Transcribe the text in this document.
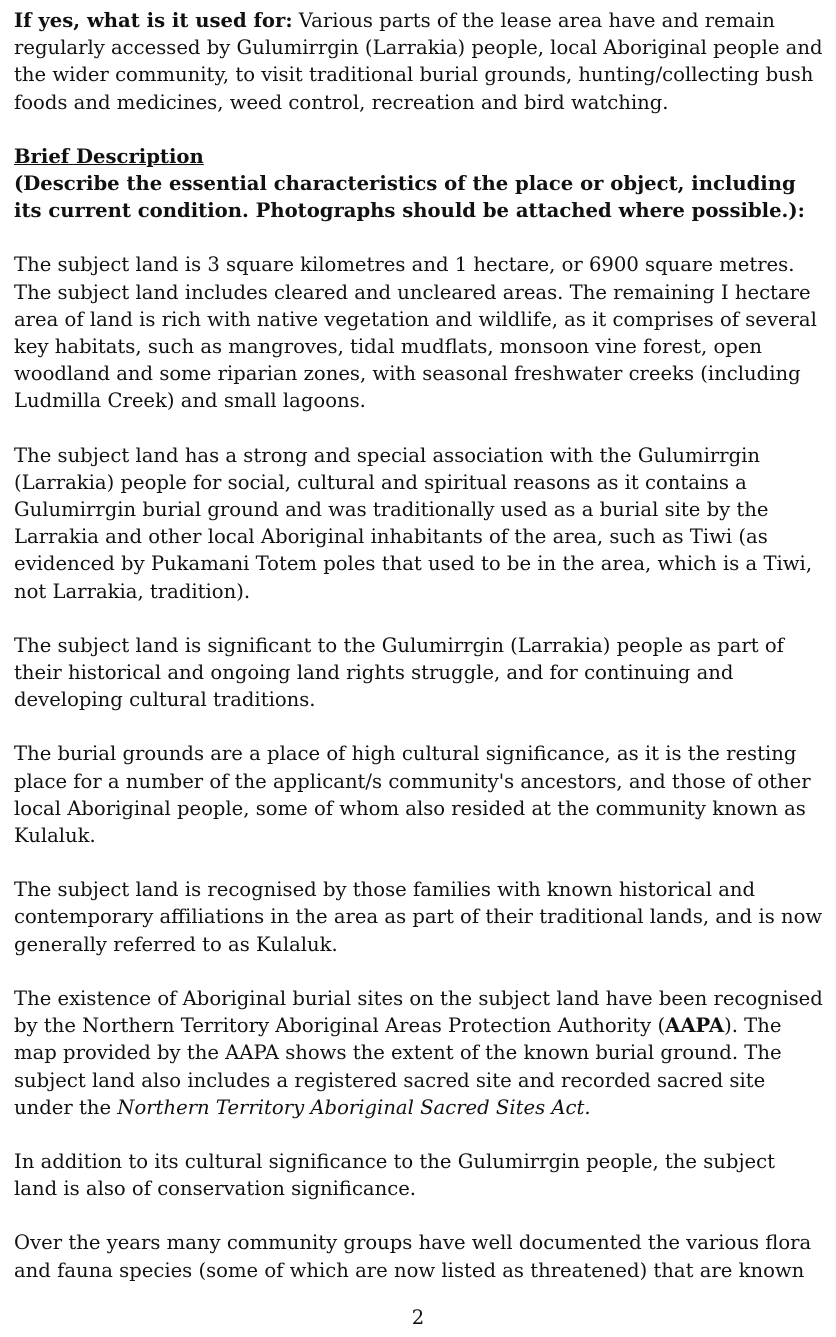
If yes, what is it used for: Various parts of the lease area have and remain regularly accessed by Gulumirrgin (Larrakia) people, local Aboriginal people and the wider community, to visit traditional burial grounds, hunting/collecting bush foods and medicines, weed control, recreation and bird watching.

Brief Description

(Describe the essential characteristics of the place or object, including its current condition. Photographs should be attached where possible.):

The subject land is 3 square kilometres and 1 hectare, or 6900 square metres. The subject land includes cleared and uncleared areas. The remaining I hectare area of land is rich with native vegetation and wildlife, as it comprises of several key habitats, such as mangroves, tidal mudflats, monsoon vine forest, open woodland and some riparian zones, with seasonal freshwater creeks (including Ludmilla Creek) and small lagoons.

The subject land has a strong and special association with the Gulumirrgin (Larrakia) people for social, cultural and spiritual reasons as it contains a Gulumirrgin burial ground and was traditionally used as a burial site by the Larrakia and other local Aboriginal inhabitants of the area, such as Tiwi (as evidenced by Pukamani Totem poles that used to be in the area, which is a Tiwi, not Larrakia, tradition).

The subject land is significant to the Gulumirrgin (Larrakia) people as part of their historical and ongoing land rights struggle, and for continuing and developing cultural traditions.

The burial grounds are a place of high cultural significance, as it is the resting place for a number of the applicant/s community's ancestors, and those of other local Aboriginal people, some of whom also resided at the community known as Kulaluk.

The subject land is recognised by those families with known historical and contemporary affiliations in the area as part of their traditional lands, and is now generally referred to as Kulaluk.

The existence of Aboriginal burial sites on the subject land have been recognised by the Northern Territory Aboriginal Areas Protection Authority (AAPA). The map provided by the AAPA shows the extent of the known burial ground. The subject land also includes a registered sacred site and recorded sacred site under the Northern Territory Aboriginal Sacred Sites Act.

In addition to its cultural significance to the Gulumirrgin people, the subject land is also of conservation significance.

Over the years many community groups have well documented the various flora and fauna species (some of which are now listed as threatened) that are known

2
